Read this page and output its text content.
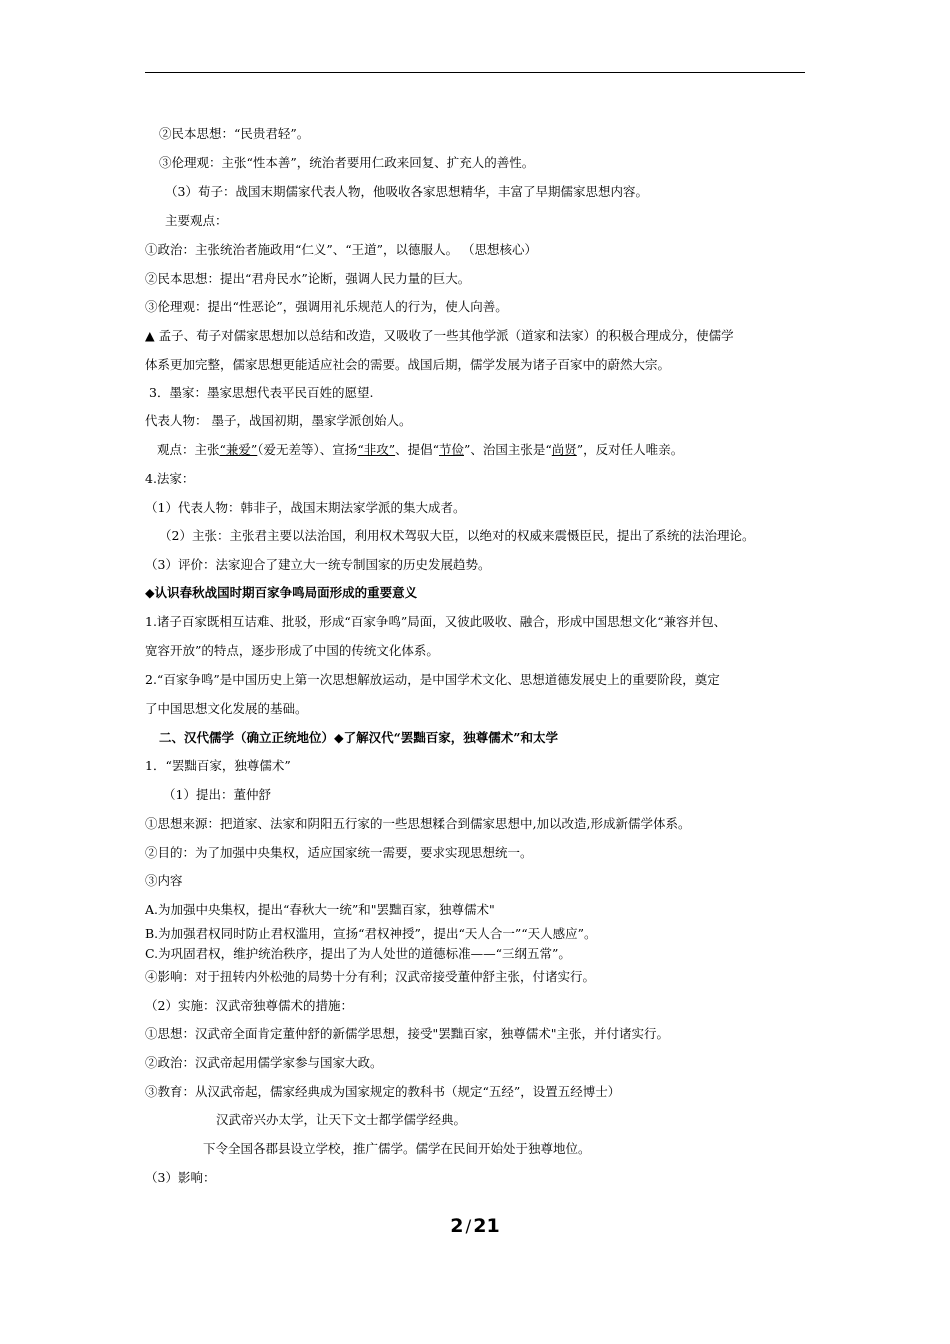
②民本思想：“民贵君轻”。
③伦理观：主张“性本善”，统治者要用仁政来回复、扩充人的善性。
（3）荀子：战国末期儒家代表人物，他吸收各家思想精华，丰富了早期儒家思想内容。
主要观点：
①政治：主张统治者施政用“仁义”、“王道”，以德服人。 （思想核心）
②民本思想：提出“君舟民水”论断，强调人民力量的巨大。
③伦理观：提出“性恶论”，强调用礼乐规范人的行为，使人向善。
▲ 孟子、荀子对儒家思想加以总结和改造，又吸收了一些其他学派（道家和法家）的积极合理成分，使儒学
体系更加完整，儒家思想更能适应社会的需要。战国后期，儒学发展为诸子百家中的蔚然大宗。
3．墨家：墨家思想代表平民百姓的愿望.
代表人物： 墨子，战国初期，墨家学派创始人。
观点：主张“兼爱”（爱无差等）、宣扬“非攻”、提倡“节俭”、治国主张是“尚贤”，反对任人唯亲。
4.法家：
（1）代表人物：韩非子，战国末期法家学派的集大成者。
（2）主张：主张君主要以法治国，利用权术驾驭大臣，以绝对的权威来震慑臣民，提出了系统的法治理论。
（3）评价：法家迎合了建立大一统专制国家的历史发展趋势。
◆认识春秋战国时期百家争鸣局面形成的重要意义
1.诸子百家既相互诘难、批驳，形成“百家争鸣”局面，又彼此吸收、融合，形成中国思想文化“兼容并包、
宽容开放”的特点，逐步形成了中国的传统文化体系。
2.“百家争鸣”是中国历史上第一次思想解放运动，是中国学术文化、思想道德发展史上的重要阶段，奠定
了中国思想文化发展的基础。
二、汉代儒学（确立正统地位）◆了解汉代“罢黜百家，独尊儒术”和太学
1．“罢黜百家，独尊儒术”
（1）提出：董仲舒
①思想来源：把道家、法家和阴阳五行家的一些思想糅合到儒家思想中,加以改造,形成新儒学体系。
②目的：为了加强中央集权，适应国家统一需要，要求实现思想统一。
③内容
A.为加强中央集权，提出“春秋大一统”和"罢黜百家，独尊儒术"
B.为加强君权同时防止君权滥用，宣扬“君权神授”，提出“天人合一”“天人感应”。
C.为巩固君权，维护统治秩序，提出了为人处世的道德标准——“三纲五常”。
④影响：对于扭转内外松弛的局势十分有利；汉武帝接受董仲舒主张，付诸实行。
（2）实施：汉武帝独尊儒术的措施：
①思想：汉武帝全面肯定董仲舒的新儒学思想，接受"罢黜百家，独尊儒术"主张，并付诸实行。
②政治：汉武帝起用儒学家参与国家大政。
③教育：从汉武帝起，儒家经典成为国家规定的教科书（规定“五经”，设置五经博士）
汉武帝兴办太学，让天下文士都学儒学经典。
下令全国各郡县设立学校，推广儒学。儒学在民间开始处于独尊地位。
（3）影响：
2 / 21
